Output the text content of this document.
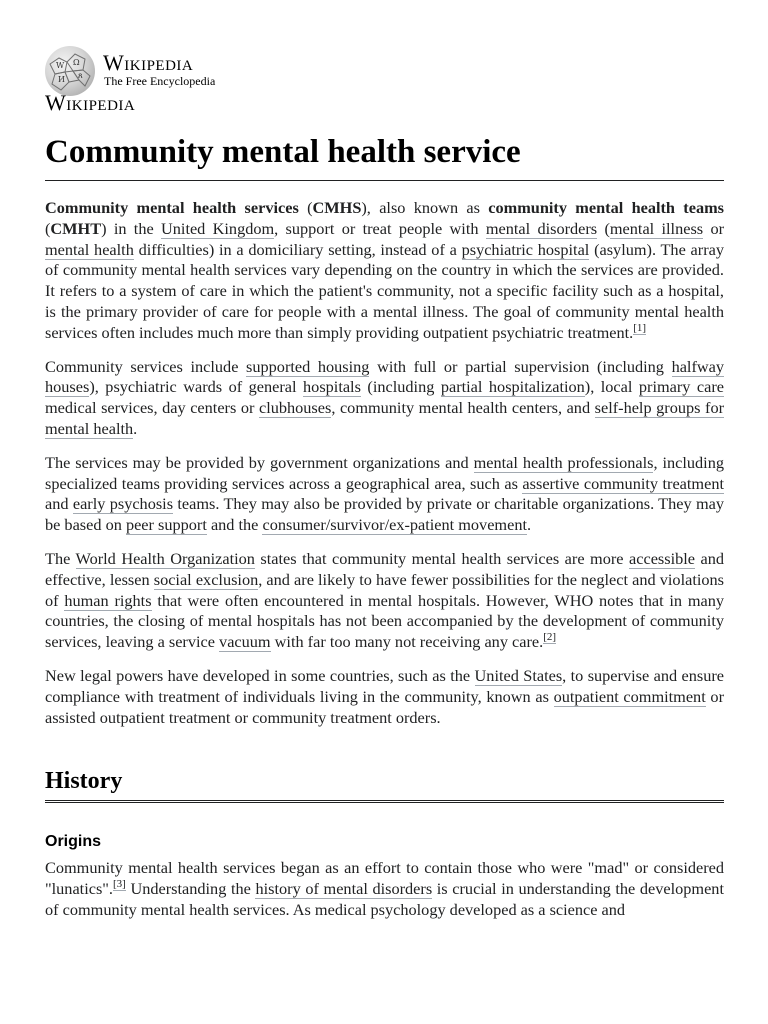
W Ω
И ጸ
Wikipedia
The Free Encyclopedia
Wikipedia
Community mental health service

Community mental health services (CMHS), also known as community mental health teams (CMHT) in the United Kingdom, support or treat people with mental disorders (mental illness or mental health difficulties) in a domiciliary setting, instead of a psychiatric hospital (asylum). The array of community mental health services vary depending on the country in which the services are provided. It refers to a system of care in which the patient's community, not a specific facility such as a hospital, is the primary provider of care for people with a mental illness. The goal of community mental health services often includes much more than simply providing outpatient psychiatric treatment.[1]

Community services include supported housing with full or partial supervision (including halfway houses), psychiatric wards of general hospitals (including partial hospitalization), local primary care medical services, day centers or clubhouses, community mental health centers, and self-help groups for mental health.

The services may be provided by government organizations and mental health professionals, including specialized teams providing services across a geographical area, such as assertive community treatment and early psychosis teams. They may also be provided by private or charitable organizations. They may be based on peer support and the consumer/survivor/ex-patient movement.

The World Health Organization states that community mental health services are more accessible and effective, lessen social exclusion, and are likely to have fewer possibilities for the neglect and violations of human rights that were often encountered in mental hospitals. However, WHO notes that in many countries, the closing of mental hospitals has not been accompanied by the development of community services, leaving a service vacuum with far too many not receiving any care.[2]

New legal powers have developed in some countries, such as the United States, to supervise and ensure compliance with treatment of individuals living in the community, known as outpatient commitment or assisted outpatient treatment or community treatment orders.

History
Origins

Community mental health services began as an effort to contain those who were "mad" or considered "lunatics".[3] Understanding the history of mental disorders is crucial in understanding the development of community mental health services. As medical psychology developed as a science and
